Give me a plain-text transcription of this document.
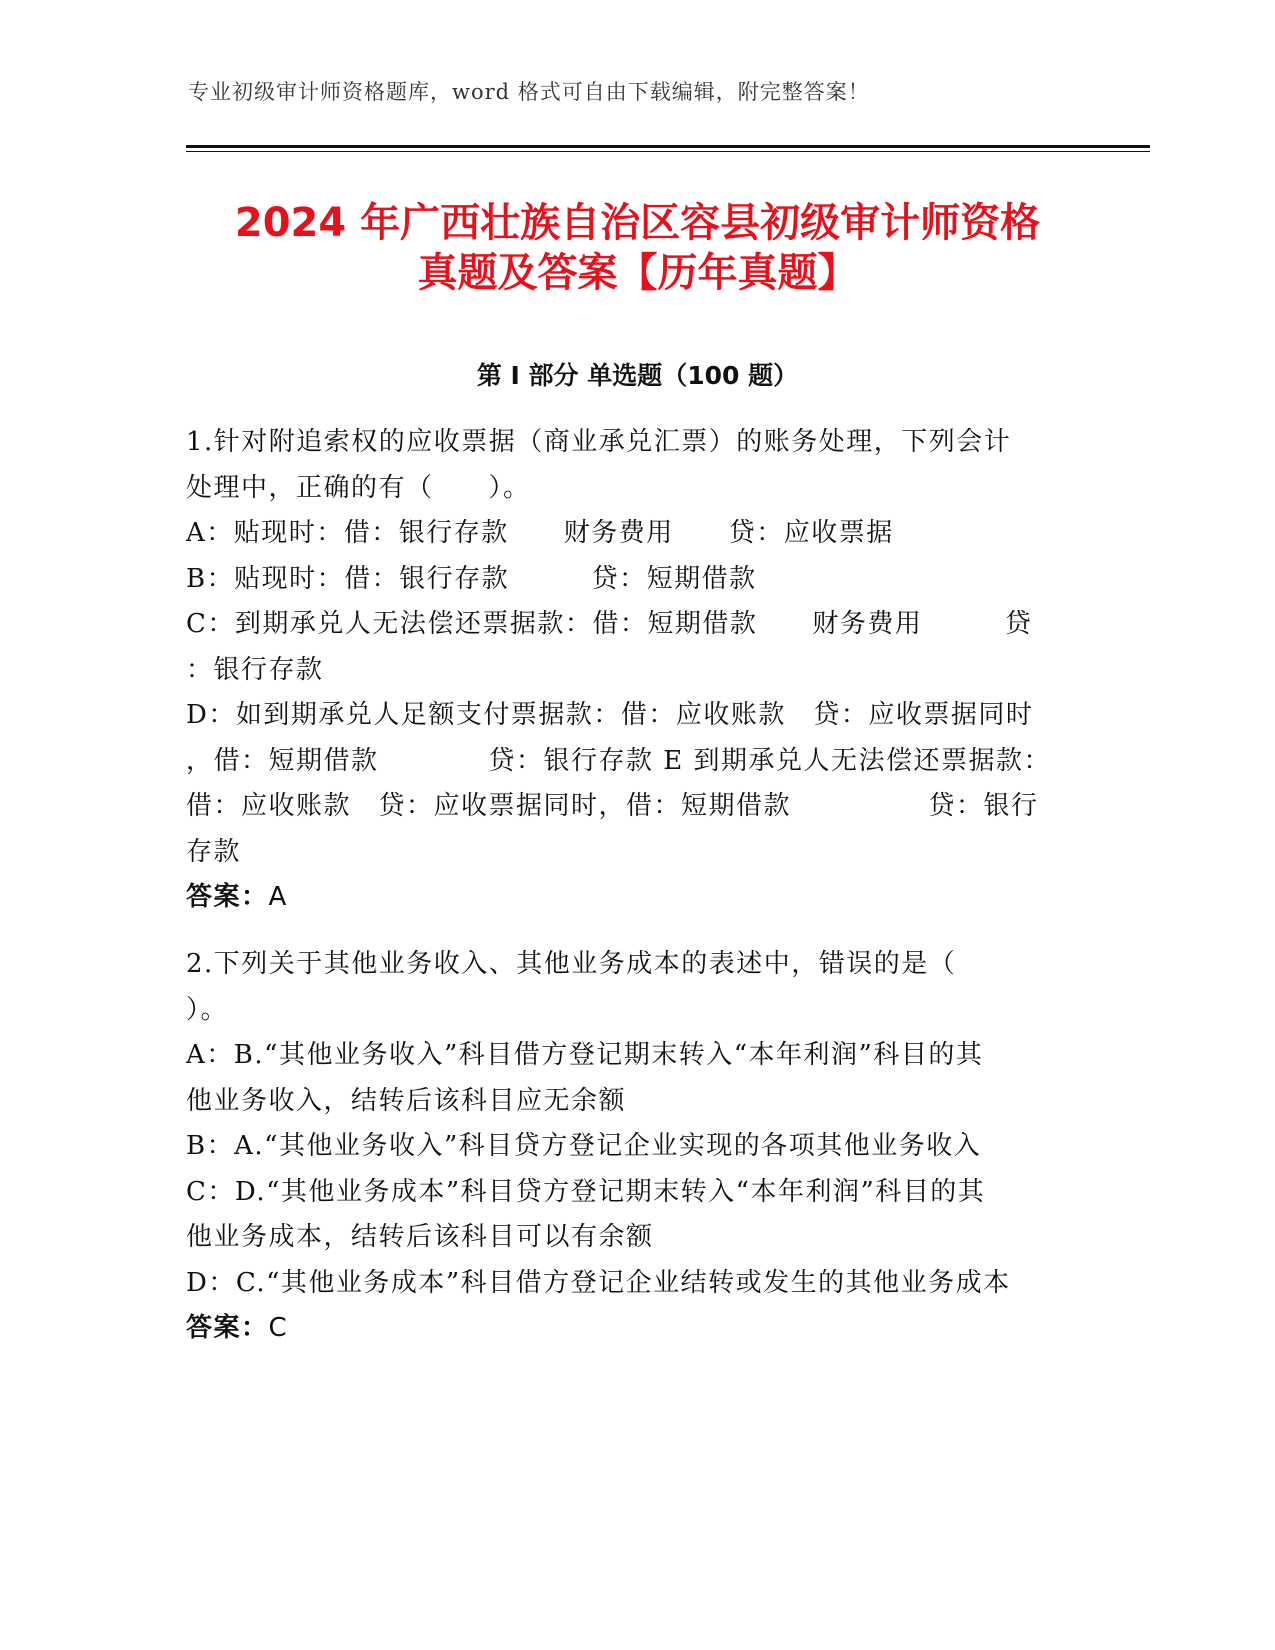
专业初级审计师资格题库，word 格式可自由下载编辑，附完整答案！
2024 年广西壮族自治区容县初级审计师资格
真题及答案【历年真题】
第 I 部分 单选题（100 题）
1.针对附追索权的应收票据（商业承兑汇票）的账务处理，下列会计
处理中，正确的有（　　）。
A：贴现时：借：银行存款　　财务费用　　贷：应收票据
B：贴现时：借：银行存款　　　贷：短期借款
C：到期承兑人无法偿还票据款：借：短期借款　　财务费用　　　贷
：银行存款
D：如到期承兑人足额支付票据款：借：应收账款　贷：应收票据同时
，借：短期借款　　　　贷：银行存款 E 到期承兑人无法偿还票据款：
借：应收账款　贷：应收票据同时，借：短期借款　　　　　贷：银行
存款
答案：A
2.下列关于其他业务收入、其他业务成本的表述中，错误的是（
）。
A：B.“其他业务收入”科目借方登记期末转入“本年利润”科目的其
他业务收入，结转后该科目应无余额
B：A.“其他业务收入”科目贷方登记企业实现的各项其他业务收入
C：D.“其他业务成本”科目贷方登记期末转入“本年利润”科目的其
他业务成本，结转后该科目可以有余额
D：C.“其他业务成本”科目借方登记企业结转或发生的其他业务成本
答案：C
